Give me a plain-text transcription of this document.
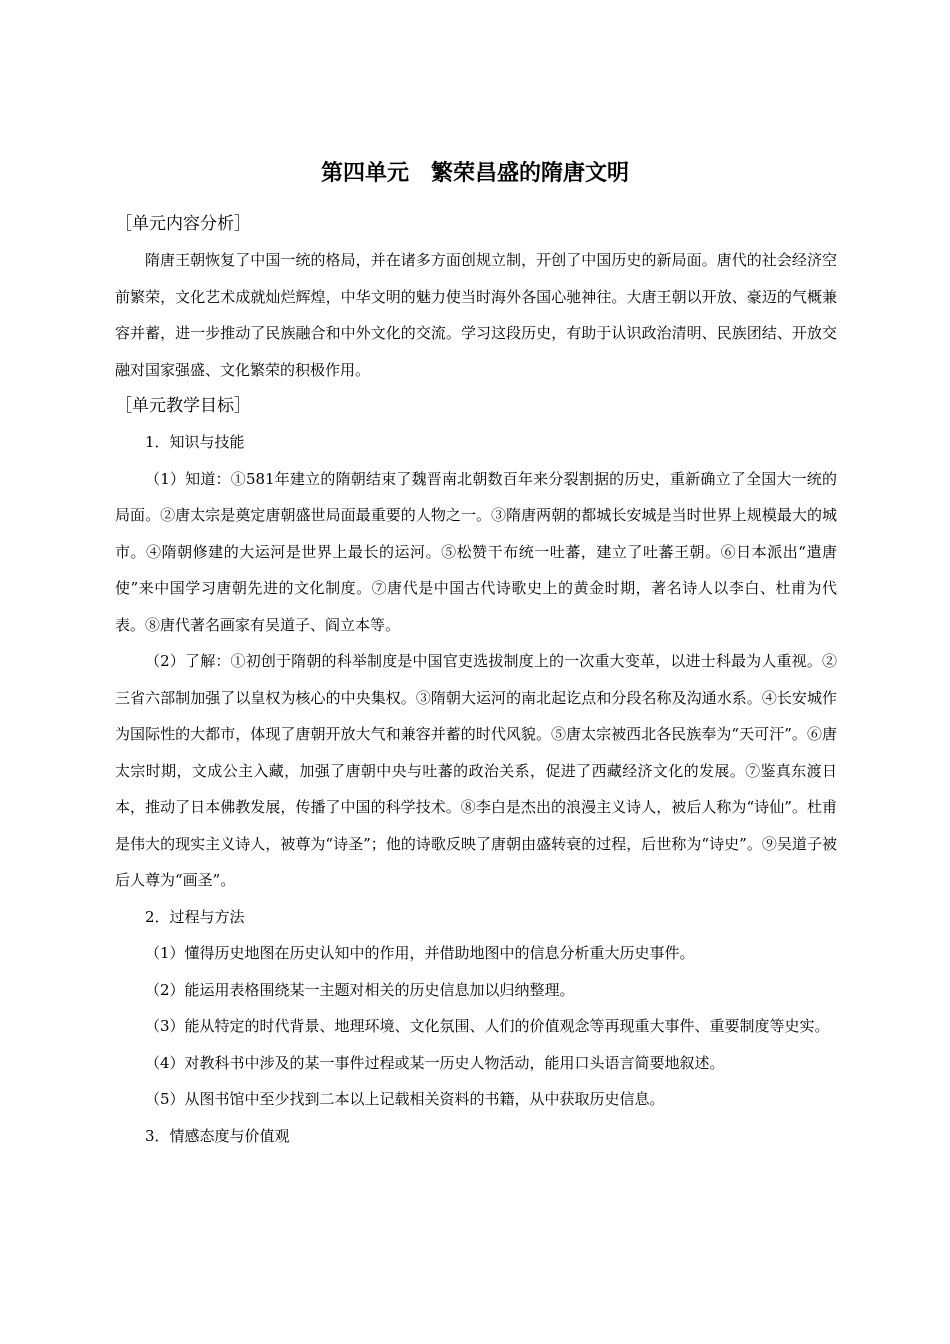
第四单元　繁荣昌盛的隋唐文明

［单元内容分析］

隋唐王朝恢复了中国一统的格局，并在诸多方面创规立制，开创了中国历史的新局面。唐代的社会经济空前繁荣，文化艺术成就灿烂辉煌，中华文明的魅力使当时海外各国心驰神往。大唐王朝以开放、豪迈的气概兼容并蓄，进一步推动了民族融合和中外文化的交流。学习这段历史，有助于认识政治清明、民族团结、开放交融对国家强盛、文化繁荣的积极作用。

［单元教学目标］

1．知识与技能

（1）知道：①581年建立的隋朝结束了魏晋南北朝数百年来分裂割据的历史，重新确立了全国大一统的局面。②唐太宗是奠定唐朝盛世局面最重要的人物之一。③隋唐两朝的都城长安城是当时世界上规模最大的城市。④隋朝修建的大运河是世界上最长的运河。⑤松赞干布统一吐蕃，建立了吐蕃王朝。⑥日本派出“遣唐使”来中国学习唐朝先进的文化制度。⑦唐代是中国古代诗歌史上的黄金时期，著名诗人以李白、杜甫为代表。⑧唐代著名画家有吴道子、阎立本等。

（2）了解：①初创于隋朝的科举制度是中国官吏选拔制度上的一次重大变革，以进士科最为人重视。②三省六部制加强了以皇权为核心的中央集权。③隋朝大运河的南北起讫点和分段名称及沟通水系。④长安城作为国际性的大都市，体现了唐朝开放大气和兼容并蓄的时代风貌。⑤唐太宗被西北各民族奉为“天可汗”。⑥唐太宗时期，文成公主入藏，加强了唐朝中央与吐蕃的政治关系，促进了西藏经济文化的发展。⑦鉴真东渡日本，推动了日本佛教发展，传播了中国的科学技术。⑧李白是杰出的浪漫主义诗人，被后人称为“诗仙”。杜甫是伟大的现实主义诗人，被尊为“诗圣”；他的诗歌反映了唐朝由盛转衰的过程，后世称为“诗史”。⑨吴道子被后人尊为“画圣”。

2．过程与方法

（1）懂得历史地图在历史认知中的作用，并借助地图中的信息分析重大历史事件。

（2）能运用表格围绕某一主题对相关的历史信息加以归纳整理。

（3）能从特定的时代背景、地理环境、文化氛围、人们的价值观念等再现重大事件、重要制度等史实。

（4）对教科书中涉及的某一事件过程或某一历史人物活动，能用口头语言简要地叙述。

（5）从图书馆中至少找到二本以上记载相关资料的书籍，从中获取历史信息。

3．情感态度与价值观
